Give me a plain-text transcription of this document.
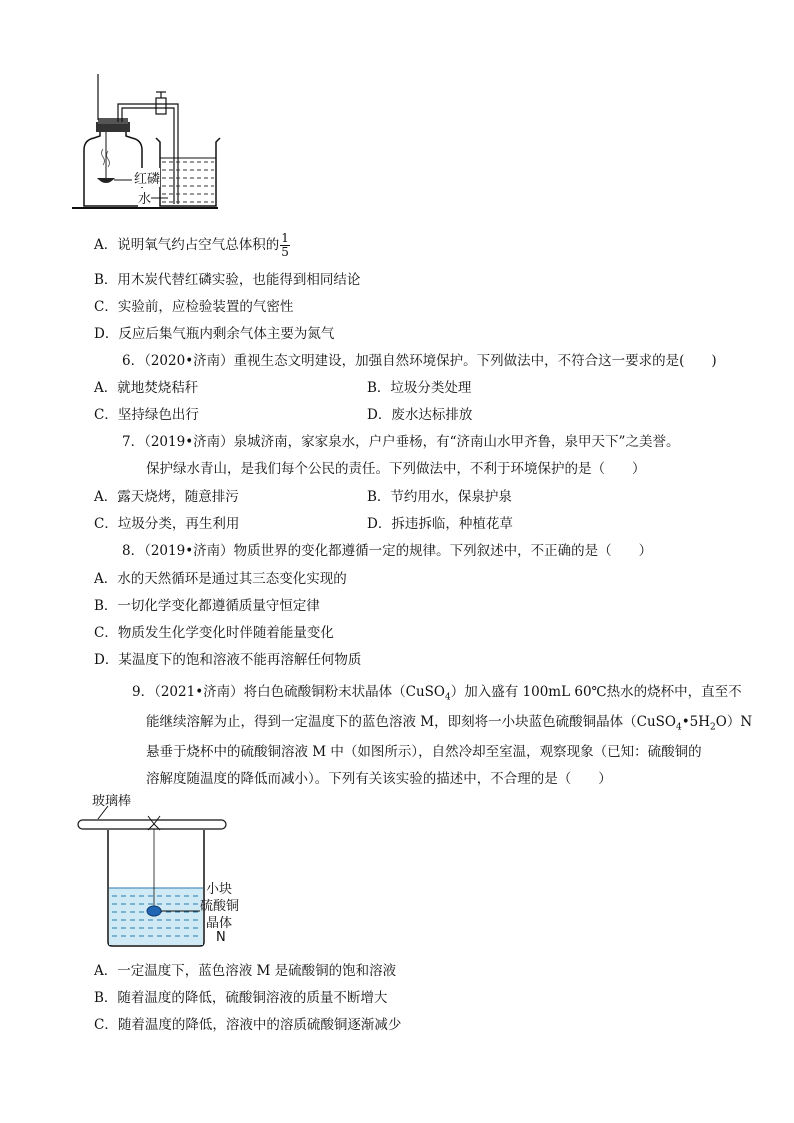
红磷
水
A．说明氧气约占空气总体积的 $\frac{1}{5}$
B．用木炭代替红磷实验，也能得到相同结论
C．实验前，应检验装置的气密性
D．反应后集气瓶内剩余气体主要为氮气
6．（2020•济南）重视生态文明建设，加强自然环境保护。下列做法中，不符合这一要求的是(　　)
A．就地焚烧秸秆	B．垃圾分类处理
C．坚持绿色出行	D．废水达标排放
7．（2019•济南）泉城济南，家家泉水，户户垂杨，有“济南山水甲齐鲁，泉甲天下”之美誉。
保护绿水青山，是我们每个公民的责任。下列做法中，不利于环境保护的是（　　）
A．露天烧烤，随意排污	B．节约用水，保泉护泉
C．垃圾分类，再生利用	D．拆违拆临，种植花草
8．（2019•济南）物质世界的变化都遵循一定的规律。下列叙述中，不正确的是（　　）
A．水的天然循环是通过其三态变化实现的
B．一切化学变化都遵循质量守恒定律
C．物质发生化学变化时伴随着能量变化
D．某温度下的饱和溶液不能再溶解任何物质
9．（2021•济南）将白色硫酸铜粉末状晶体（CuSO$_4$）加入盛有 100mL 60℃热水的烧杯中，直至不
能继续溶解为止，得到一定温度下的蓝色溶液 M，即刻将一小块蓝色硫酸铜晶体$(CuSO_4•5H_2O)N$
悬垂于烧杯中的硫酸铜溶液 M 中（如图所示），自然冷却至室温，观察现象（已知：硫酸铜的
溶解度随温度的降低而减小）。下列有关该实验的描述中，不合理的是（　　）
玻璃棒
小块
硫酸铜
晶体
N
A．一定温度下，蓝色溶液 M 是硫酸铜的饱和溶液
B．随着温度的降低，硫酸铜溶液的质量不断增大
C．随着温度的降低，溶液中的溶质硫酸铜逐渐减少
